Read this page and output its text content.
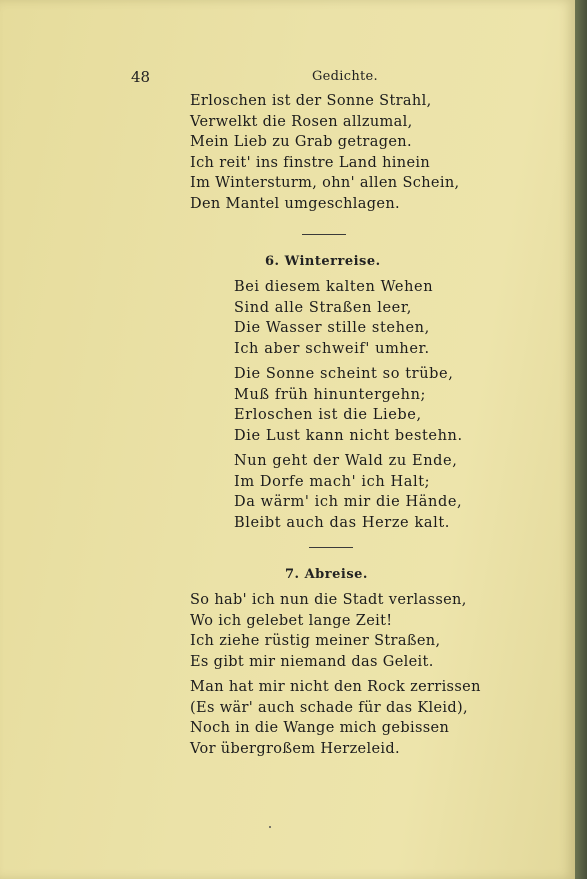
48	Gedichte.

Erloschen ist der Sonne Strahl,
Verwelkt die Rosen allzumal,
Mein Lieb zu Grab getragen.
Ich reit' ins finstre Land hinein
Im Wintersturm, ohn' allen Schein,
Den Mantel umgeschlagen.

6. Winterreise.

Bei diesem kalten Wehen
Sind alle Straßen leer,
Die Wasser stille stehen,
Ich aber schweif' umher.
Die Sonne scheint so trübe,
Muß früh hinuntergehn;
Erloschen ist die Liebe,
Die Lust kann nicht bestehn.
Nun geht der Wald zu Ende,
Im Dorfe mach' ich Halt;
Da wärm' ich mir die Hände,
Bleibt auch das Herze kalt.

7. Abreise.

So hab' ich nun die Stadt verlassen,
Wo ich gelebet lange Zeit!
Ich ziehe rüstig meiner Straßen,
Es gibt mir niemand das Geleit.
Man hat mir nicht den Rock zerrissen
(Es wär' auch schade für das Kleid),
Noch in die Wange mich gebissen
Vor übergroßem Herzeleid.
